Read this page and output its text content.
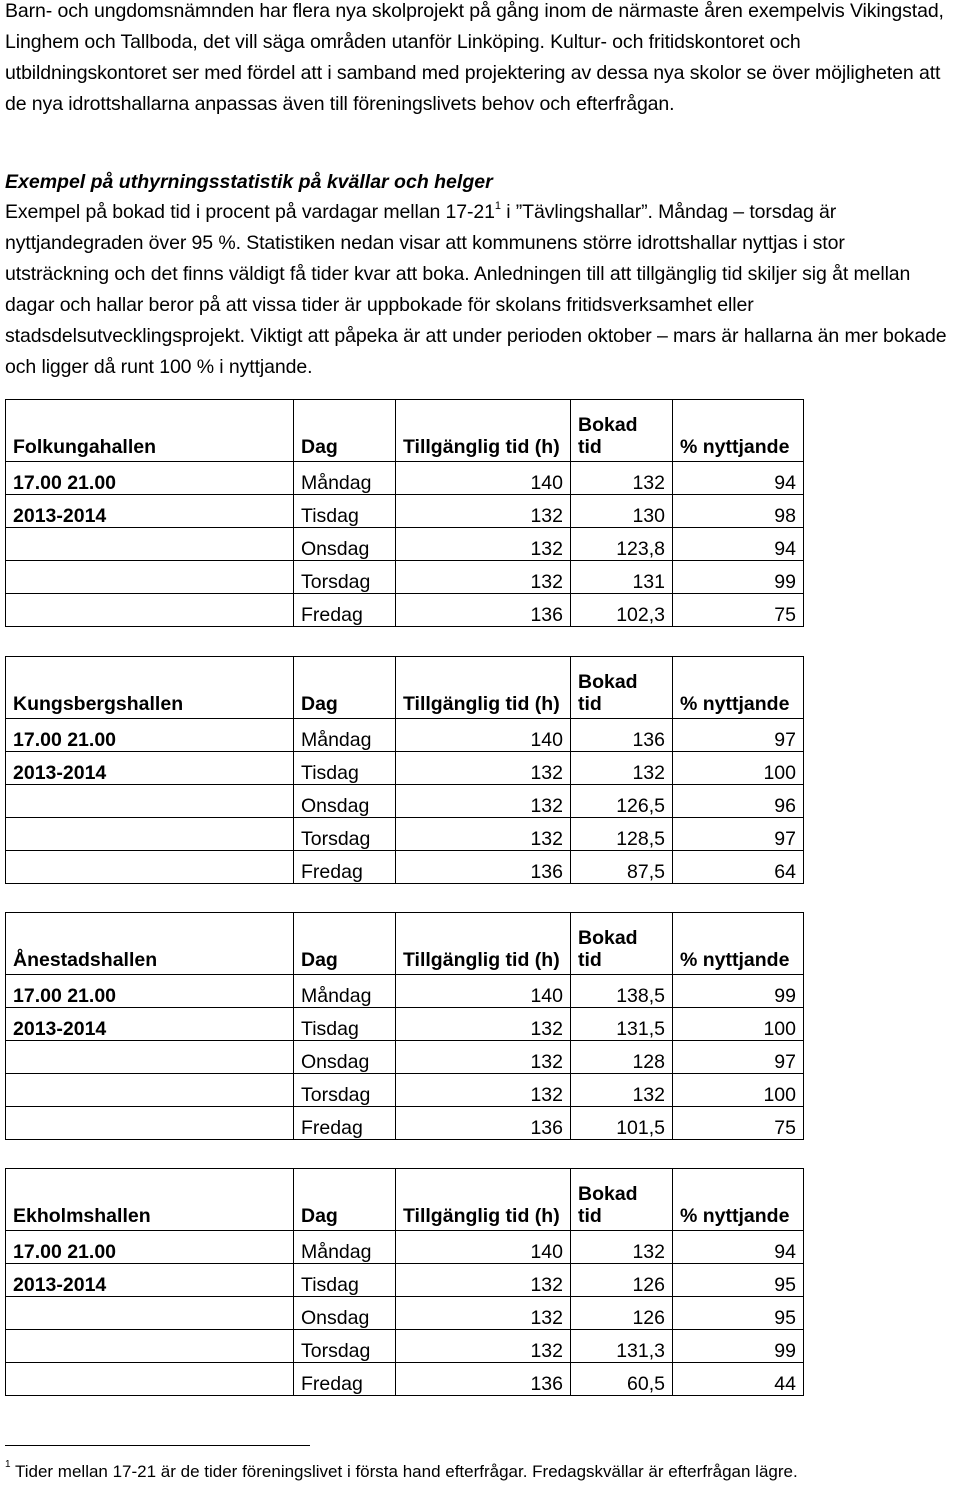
Barn- och ungdomsnämnden har flera nya skolprojekt på gång inom de närmaste åren exempelvis Vikingstad, Linghem och Tallboda, det vill säga områden utanför Linköping. Kultur- och fritidskontoret och utbildningskontoret ser med fördel att i samband med projektering av dessa nya skolor se över möjligheten att de nya idrottshallarna anpassas även till föreningslivets behov och efterfrågan.

Exempel på uthyrningsstatistik på kvällar och helger

Exempel på bokad tid i procent på vardagar mellan $17-21^1$ i ”Tävlingshallar”. Måndag – torsdag är nyttjandegraden över 95 %. Statistiken nedan visar att kommunens större idrottshallar nyttjas i stor utsträckning och det finns väldigt få tider kvar att boka. Anledningen till att tillgänglig tid skiljer sig åt mellan dagar och hallar beror på att vissa tider är uppbokade för skolans fritidsverksamhet eller stadsdelsutvecklingsprojekt. Viktigt att påpeka är att under perioden oktober – mars är hallarna än mer bokade och ligger då runt 100 % i nyttjande.

Folkungahallen	Dag	Tillgänglig tid (h)	Bokad tid	% nyttjande
17.00 21.00	Måndag	140	132	94
2013-2014	Tisdag	132	130	98
	Onsdag	132	123,8	94
	Torsdag	132	131	99
	Fredag	136	102,3	75
Kungsbergshallen	Dag	Tillgänglig tid (h)	Bokad tid	% nyttjande
17.00 21.00	Måndag	140	136	97
2013-2014	Tisdag	132	132	100
	Onsdag	132	126,5	96
	Torsdag	132	128,5	97
	Fredag	136	87,5	64
Ånestadshallen	Dag	Tillgänglig tid (h)	Bokad tid	% nyttjande
17.00 21.00	Måndag	140	138,5	99
2013-2014	Tisdag	132	131,5	100
	Onsdag	132	128	97
	Torsdag	132	132	100
	Fredag	136	101,5	75
Ekholmshallen	Dag	Tillgänglig tid (h)	Bokad tid	% nyttjande
17.00 21.00	Måndag	140	132	94
2013-2014	Tisdag	132	126	95
	Onsdag	132	126	95
	Torsdag	132	131,3	99
	Fredag	136	60,5	44
$^1$ Tider mellan 17-21 är de tider föreningslivet i första hand efterfrågar. Fredagskvällar är efterfrågan lägre.
